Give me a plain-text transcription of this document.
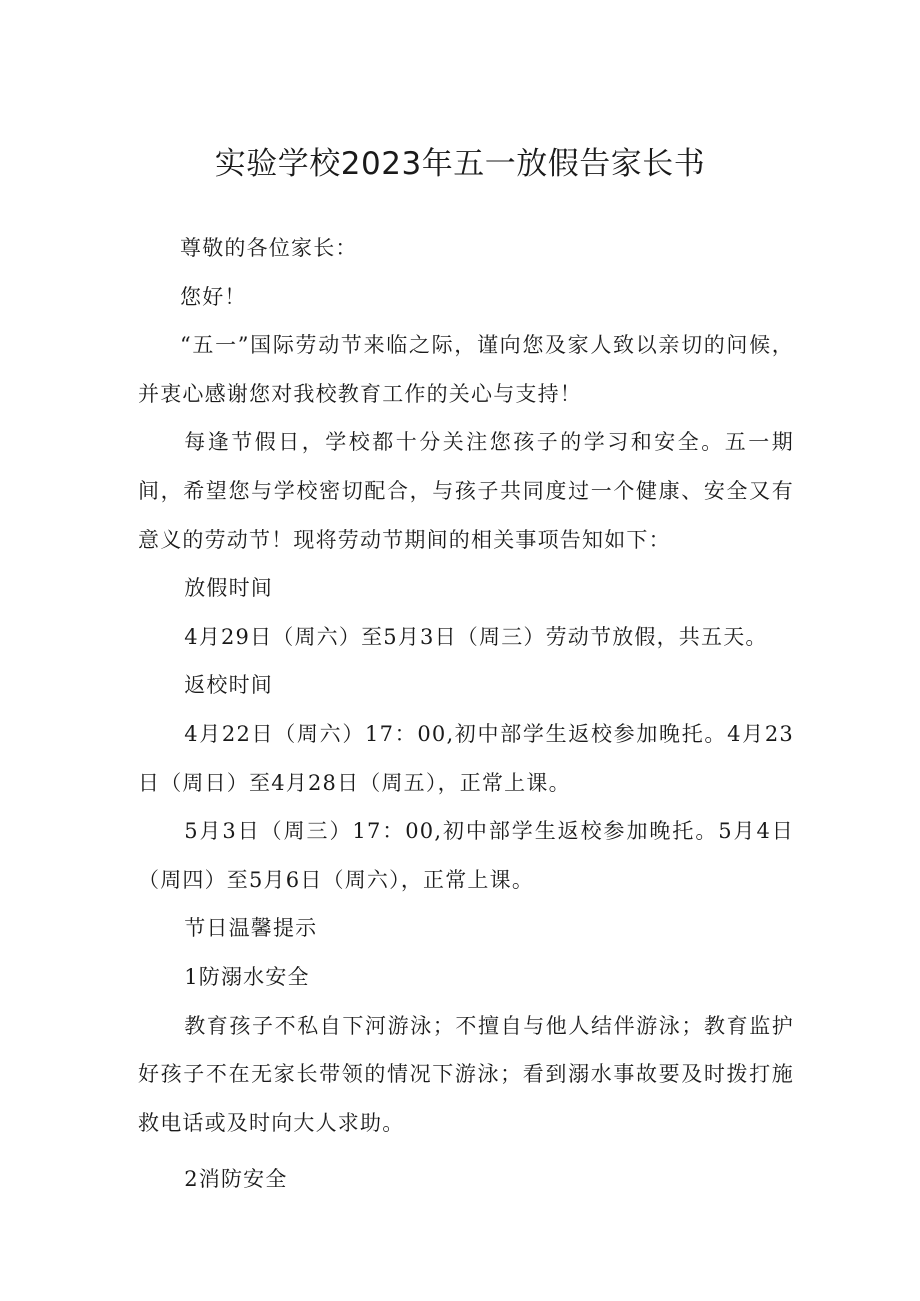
实验学校2023年五一放假告家长书

尊敬的各位家长：

您好！

“五一”国际劳动节来临之际，谨向您及家人致以亲切的问候，并衷心感谢您对我校教育工作的关心与支持！

每逢节假日，学校都十分关注您孩子的学习和安全。五一期间，希望您与学校密切配合，与孩子共同度过一个健康、安全又有意义的劳动节！现将劳动节期间的相关事项告知如下：

放假时间

4月29日（周六）至5月3日（周三）劳动节放假，共五天。

返校时间

4月22日（周六）17：00,初中部学生返校参加晚托。4月23日（周日）至4月28日（周五），正常上课。

5月3日（周三）17：00,初中部学生返校参加晚托。5月4日（周四）至5月6日（周六），正常上课。

节日温馨提示

1防溺水安全

教育孩子不私自下河游泳；不擅自与他人结伴游泳；教育监护好孩子不在无家长带领的情况下游泳；看到溺水事故要及时拨打施救电话或及时向大人求助。

2消防安全
